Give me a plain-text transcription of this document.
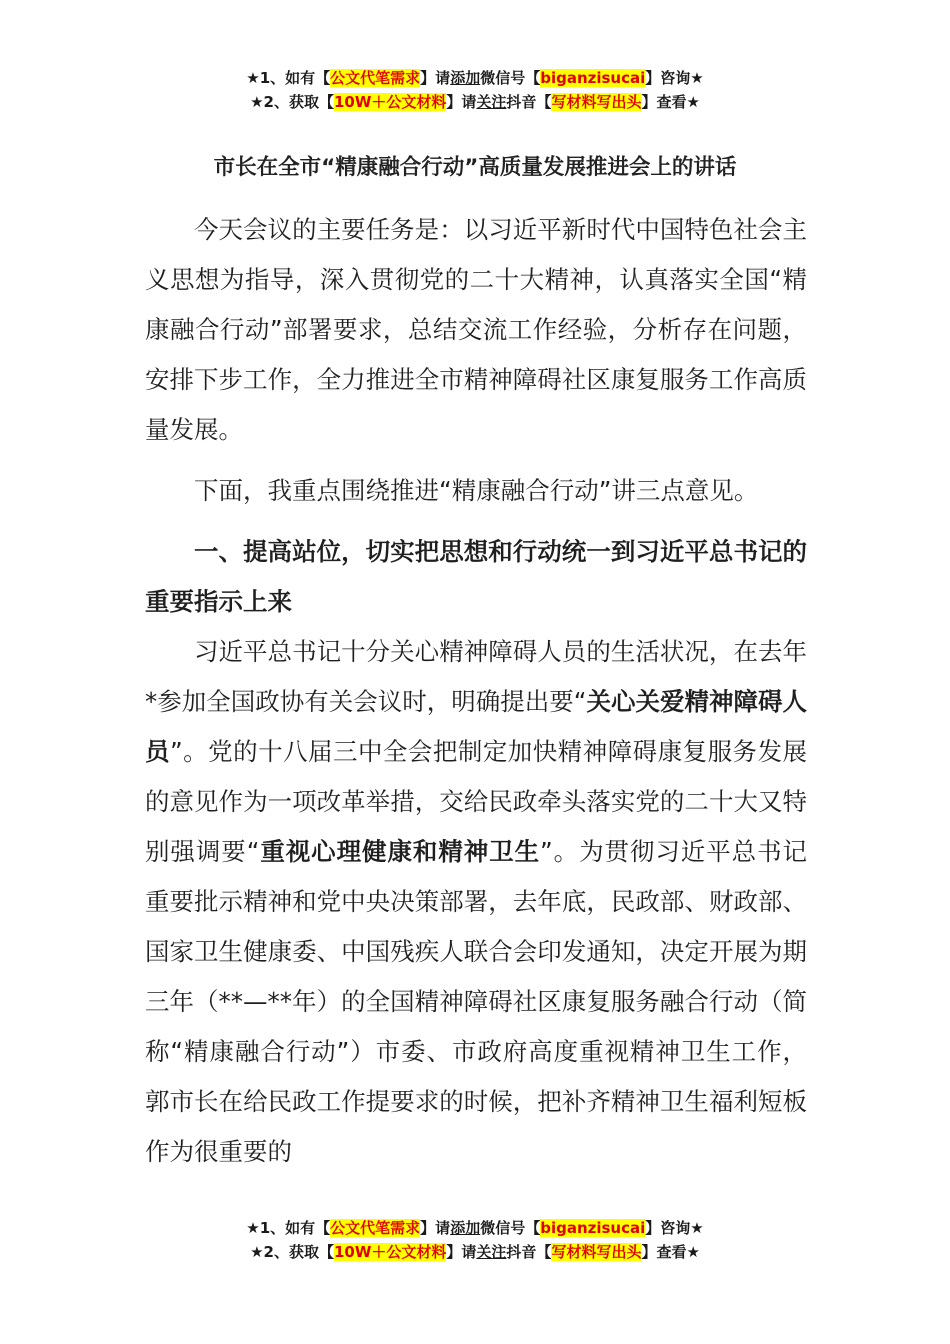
★1、如有【公文代笔需求】请添加微信号【biganzisucai】咨询★
★2、获取【10W＋公文材料】请关注抖音【写材料写出头】查看★
市长在全市“精康融合行动”高质量发展推进会上的讲话

今天会议的主要任务是：以习近平新时代中国特色社会主义思想为指导，深入贯彻党的二十大精神，认真落实全国“精康融合行动”部署要求，总结交流工作经验，分析存在问题，安排下步工作，全力推进全市精神障碍社区康复服务工作高质量发展。

下面，我重点围绕推进“精康融合行动”讲三点意见。

一、提高站位，切实把思想和行动统一到习近平总书记的重要指示上来

习近平总书记十分关心精神障碍人员的生活状况，在去年*参加全国政协有关会议时，明确提出要“关心关爱精神障碍人员”。党的十八届三中全会把制定加快精神障碍康复服务发展的意见作为一项改革举措，交给民政牵头落实党的二十大又特别强调要“重视心理健康和精神卫生”。为贯彻习近平总书记重要批示精神和党中央决策部署，去年底，民政部、财政部、国家卫生健康委、中国残疾人联合会印发通知，决定开展为期三年（**—**年）的全国精神障碍社区康复服务融合行动（简称“精康融合行动”）市委、市政府高度重视精神卫生工作，郭市长在给民政工作提要求的时候，把补齐精神卫生福利短板作为很重要的

★1、如有【公文代笔需求】请添加微信号【biganzisucai】咨询★
★2、获取【10W＋公文材料】请关注抖音【写材料写出头】查看★
